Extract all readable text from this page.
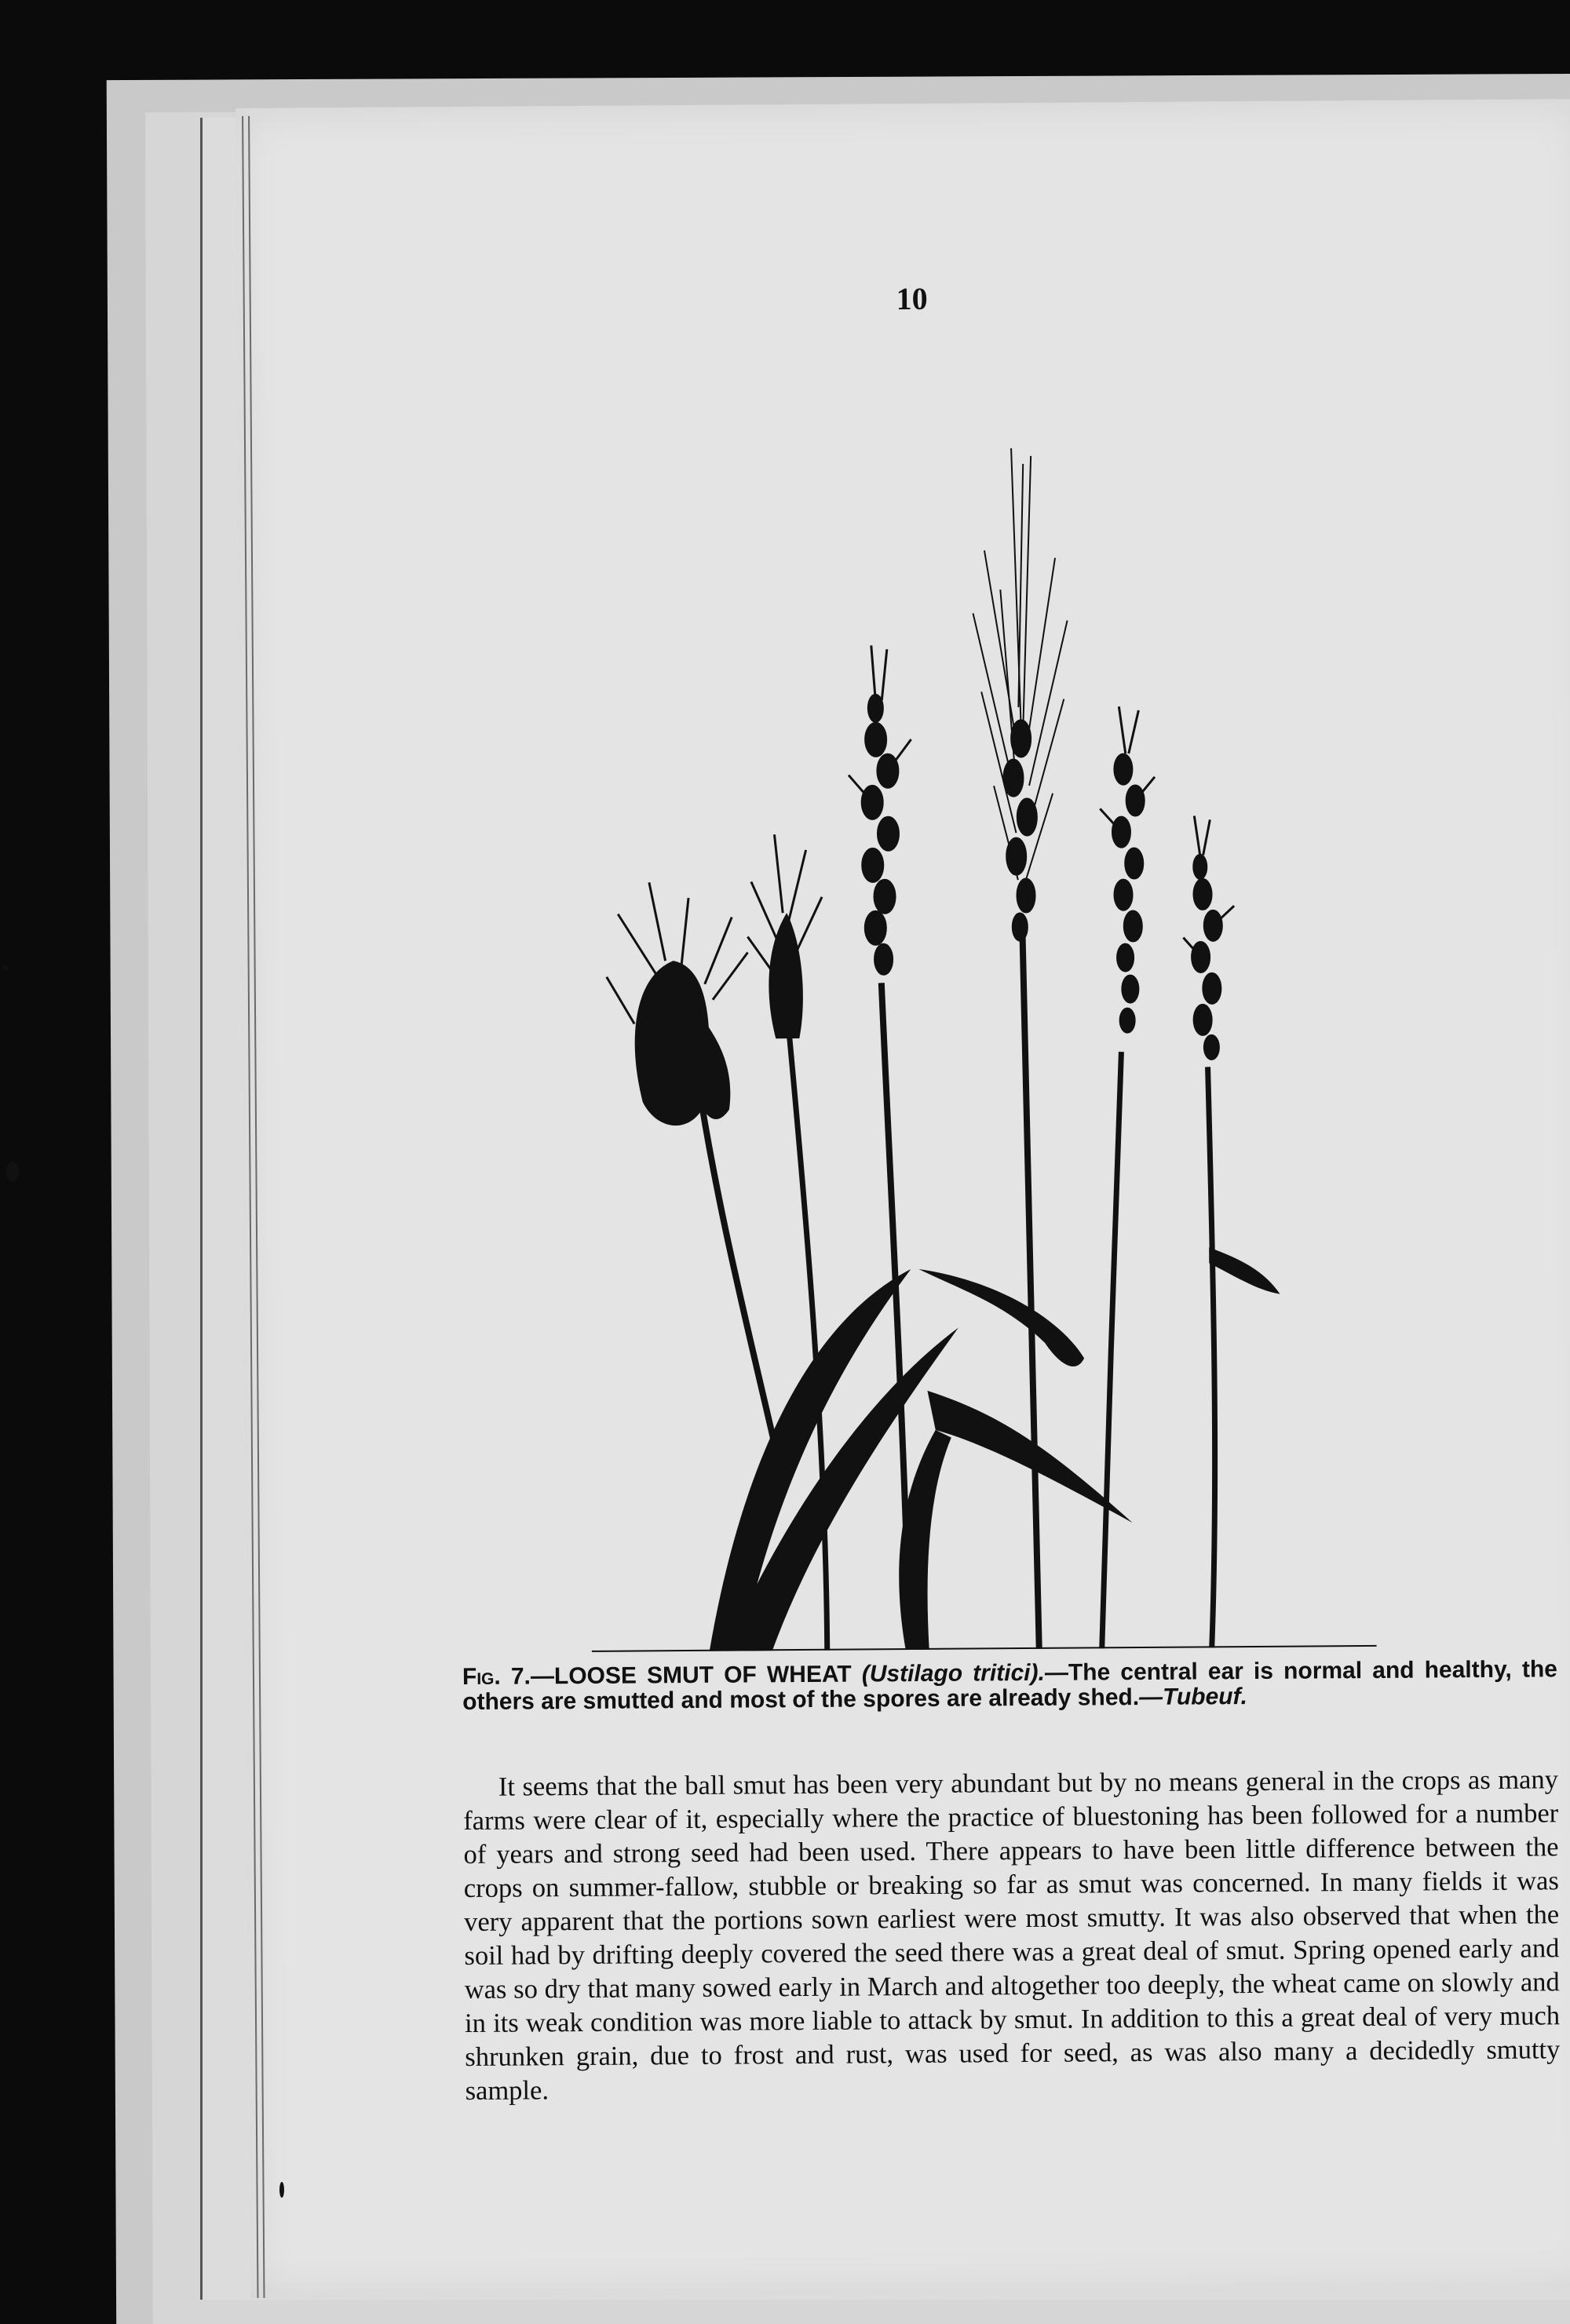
10
Fig. 7.—LOOSE SMUT OF WHEAT (Ustilago tritici).—The central ear is normal and healthy, the others are smutted and most of the spores are already shed.—Tubeuf.

It seems that the ball smut has been very abundant but by no means general in the crops as many farms were clear of it, especially where the practice of bluestoning has been followed for a number of years and strong seed had been used. There appears to have been little difference between the crops on summer-fallow, stubble or breaking so far as smut was concerned. In many fields it was very apparent that the portions sown earliest were most smutty. It was also observed that when the soil had by drifting deeply covered the seed there was a great deal of smut. Spring opened early and was so dry that many sowed early in March and altogether too deeply, the wheat came on slowly and in its weak condition was more liable to attack by smut. In addition to this a great deal of very much shrunken grain, due to frost and rust, was used for seed, as was also many a decidedly smutty sample.
